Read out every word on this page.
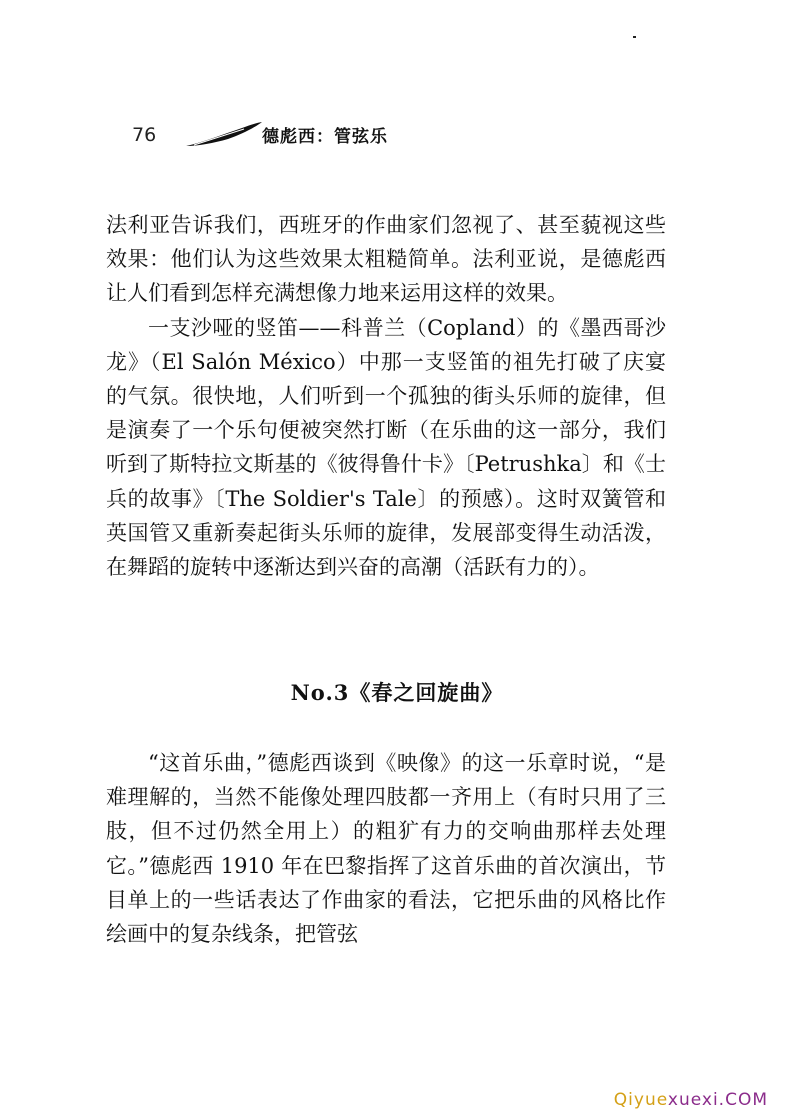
76	德彪西：管弦乐

法利亚告诉我们，西班牙的作曲家们忽视了、甚至藐视这些效果：他们认为这些效果太粗糙简单。法利亚说，是德彪西让人们看到怎样充满想像力地来运用这样的效果。

一支沙哑的竖笛——科普兰（Copland）的《墨西哥沙龙》（El Salón México）中那一支竖笛的祖先打破了庆宴的气氛。很快地，人们听到一个孤独的街头乐师的旋律，但是演奏了一个乐句便被突然打断（在乐曲的这一部分，我们听到了斯特拉文斯基的《彼得鲁什卡》〔Petrushka〕和《士兵的故事》〔The Soldier's Tale〕的预感）。这时双簧管和英国管又重新奏起街头乐师的旋律，发展部变得生动活泼，在舞蹈的旋转中逐渐达到兴奋的高潮（活跃有力的）。

No.3《春之回旋曲》

“这首乐曲，”德彪西谈到《映像》的这一乐章时说，“是难理解的，当然不能像处理四肢都一齐用上（有时只用了三肢，但不过仍然全用上）的粗犷有力的交响曲那样去处理它。”德彪西 1910 年在巴黎指挥了这首乐曲的首次演出，节目单上的一些话表达了作曲家的看法，它把乐曲的风格比作绘画中的复杂线条，把管弦

Qiyuexuexi.COM
